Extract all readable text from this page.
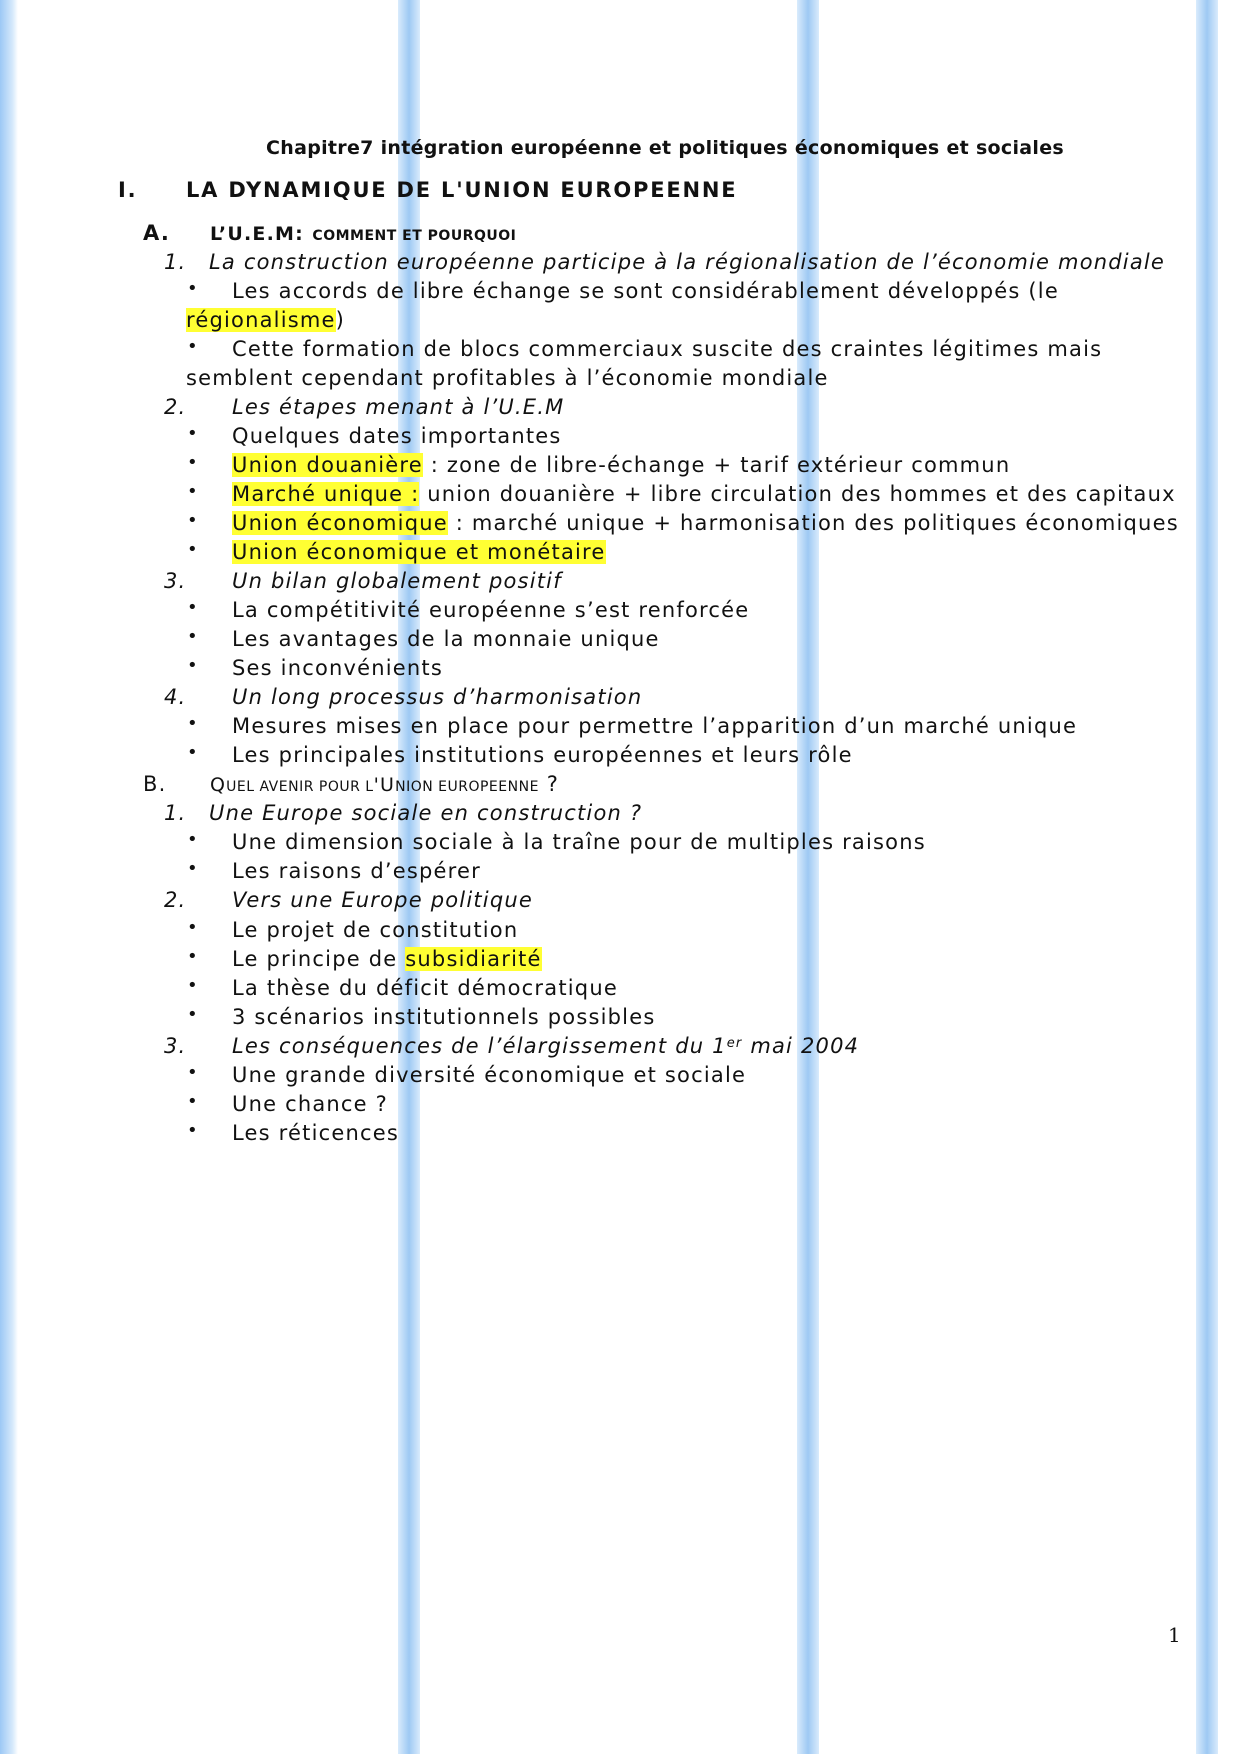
Chapitre7 intégration européenne et politiques économiques et sociales
I. LA DYNAMIQUE DE L'UNION EUROPEENNE
A. L’U.E.M: COMMENT ET POURQUOI
1. La construction européenne participe à la régionalisation de l’économie mondiale
• Les accords de libre échange se sont considérablement développés (le
régionalisme)
• Cette formation de blocs commerciaux suscite des craintes légitimes mais
semblent cependant profitables à l’économie mondiale
2. Les étapes menant à l’U.E.M
• Quelques dates importantes
• Union douanière : zone de libre-échange + tarif extérieur commun
• Marché unique : union douanière + libre circulation des hommes et des capitaux
• Union économique : marché unique + harmonisation des politiques économiques
• Union économique et monétaire
3. Un bilan globalement positif
• La compétitivité européenne s’est renforcée
• Les avantages de la monnaie unique
• Ses inconvénients
4. Un long processus d’harmonisation
• Mesures mises en place pour permettre l’apparition d’un marché unique
• Les principales institutions européennes et leurs rôle
B. QUEL AVENIR POUR L'UNION EUROPEENNE ?
1. Une Europe sociale en construction ?
• Une dimension sociale à la traîne pour de multiples raisons
• Les raisons d’espérer
2. Vers une Europe politique
• Le projet de constitution
• Le principe de subsidiarité
• La thèse du déficit démocratique
• 3 scénarios institutionnels possibles
3. Les conséquences de l’élargissement du 1er mai 2004
• Une grande diversité économique et sociale
• Une chance ?
• Les réticences
1
